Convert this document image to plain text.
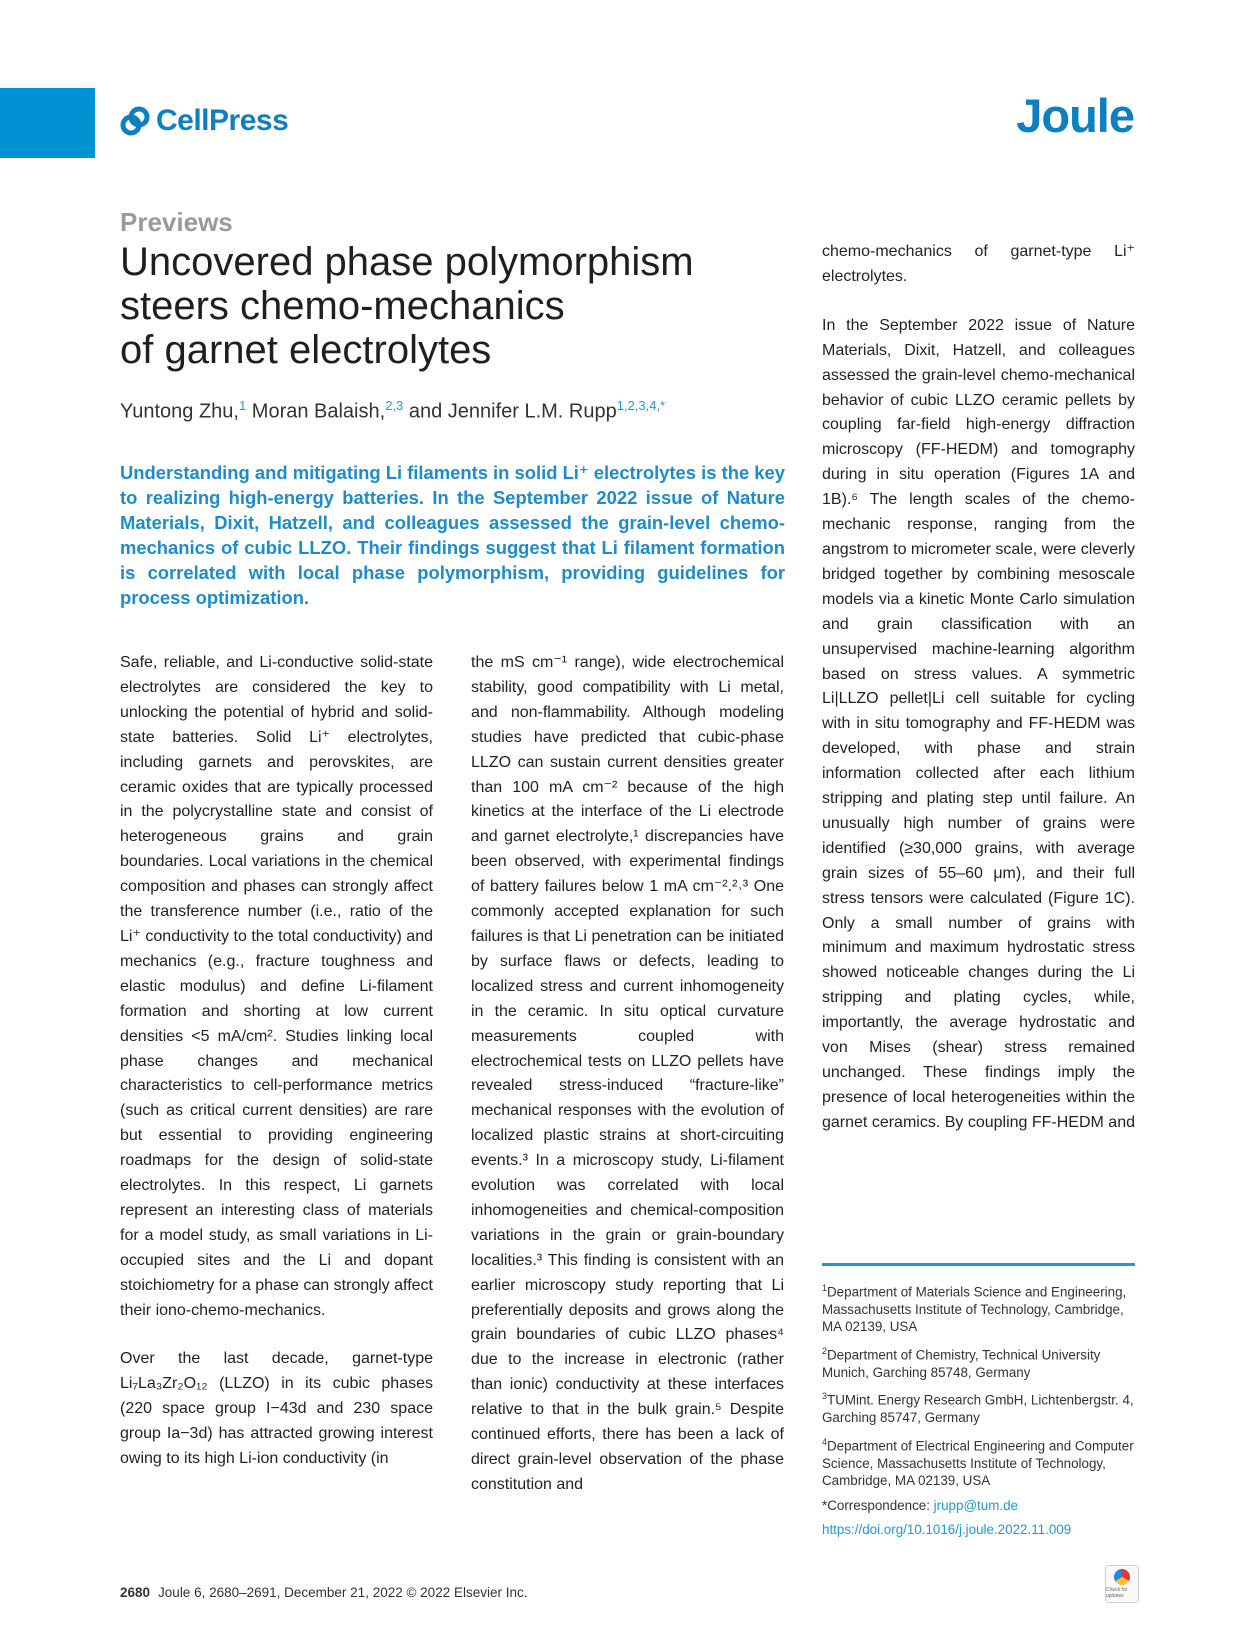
CellPress	Joule
Previews
Uncovered phase polymorphism
steers chemo-mechanics
of garnet electrolytes
Yuntong Zhu,$^1$ Moran Balaish,$^{2,3}$ and Jennifer L.M. Rupp$^{1,2,3,4,*}$
Understanding and mitigating Li filaments in solid Li⁺ electrolytes is the key to realizing high-energy batteries. In the September 2022 issue of Nature Materials, Dixit, Hatzell, and colleagues assessed the grain-level chemo-mechanics of cubic LLZO. Their findings suggest that Li filament formation is correlated with local phase polymorphism, providing guidelines for process optimization.

Safe, reliable, and Li-conductive solid-state electrolytes are considered the key to unlocking the potential of hybrid and solid-state batteries. Solid Li⁺ electrolytes, including garnets and perovskites, are ceramic oxides that are typically processed in the polycrystalline state and consist of heterogeneous grains and grain boundaries. Local variations in the chemical composition and phases can strongly affect the transference number (i.e., ratio of the Li⁺ conductivity to the total conductivity) and mechanics (e.g., fracture toughness and elastic modulus) and define Li-filament formation and shorting at low current densities <5 mA/cm². Studies linking local phase changes and mechanical characteristics to cell-performance metrics (such as critical current densities) are rare but essential to providing engineering roadmaps for the design of solid-state electrolytes. In this respect, Li garnets represent an interesting class of materials for a model study, as small variations in Li-occupied sites and the Li and dopant stoichiometry for a phase can strongly affect their iono-chemo-mechanics.

Over the last decade, garnet-type Li₇La₃Zr₂O₁₂ (LLZO) in its cubic phases (220 space group I−43d and 230 space group Ia−3d) has attracted growing interest owing to its high Li-ion conductivity (in

the mS cm⁻¹ range), wide electrochemical stability, good compatibility with Li metal, and non-flammability. Although modeling studies have predicted that cubic-phase LLZO can sustain current densities greater than 100 mA cm⁻² because of the high kinetics at the interface of the Li electrode and garnet electrolyte,¹ discrepancies have been observed, with experimental findings of battery failures below 1 mA cm⁻².²˒³ One commonly accepted explanation for such failures is that Li penetration can be initiated by surface flaws or defects, leading to localized stress and current inhomogeneity in the ceramic. In situ optical curvature measurements coupled with electrochemical tests on LLZO pellets have revealed stress-induced “fracture-like” mechanical responses with the evolution of localized plastic strains at short-circuiting events.³ In a microscopy study, Li-filament evolution was correlated with local inhomogeneities and chemical-composition variations in the grain or grain-boundary localities.³ This finding is consistent with an earlier microscopy study reporting that Li preferentially deposits and grows along the grain boundaries of cubic LLZO phases⁴ due to the increase in electronic (rather than ionic) conductivity at these interfaces relative to that in the bulk grain.⁵ Despite continued efforts, there has been a lack of direct grain-level observation of the phase constitution and

chemo-mechanics of garnet-type Li⁺ electrolytes.

In the September 2022 issue of Nature Materials, Dixit, Hatzell, and colleagues assessed the grain-level chemo-mechanical behavior of cubic LLZO ceramic pellets by coupling far-field high-energy diffraction microscopy (FF-HEDM) and tomography during in situ operation (Figures 1A and 1B).⁶ The length scales of the chemo-mechanic response, ranging from the angstrom to micrometer scale, were cleverly bridged together by combining mesoscale models via a kinetic Monte Carlo simulation and grain classification with an unsupervised machine-learning algorithm based on stress values. A symmetric Li|LLZO pellet|Li cell suitable for cycling with in situ tomography and FF-HEDM was developed, with phase and strain information collected after each lithium stripping and plating step until failure. An unusually high number of grains were identified (≥30,000 grains, with average grain sizes of 55–60 μm), and their full stress tensors were calculated (Figure 1C). Only a small number of grains with minimum and maximum hydrostatic stress showed noticeable changes during the Li stripping and plating cycles, while, importantly, the average hydrostatic and von Mises (shear) stress remained unchanged. These findings imply the presence of local heterogeneities within the garnet ceramics. By coupling FF-HEDM and

$^1$Department of Materials Science and Engineering, Massachusetts Institute of Technology, Cambridge, MA 02139, USA
$^2$Department of Chemistry, Technical University Munich, Garching 85748, Germany
$^3$TUMint. Energy Research GmbH, Lichtenbergstr. 4, Garching 85747, Germany
$^4$Department of Electrical Engineering and Computer Science, Massachusetts Institute of Technology, Cambridge, MA 02139, USA
*Correspondence: jrupp@tum.de
https://doi.org/10.1016/j.joule.2022.11.009
2680 Joule 6, 2680–2691, December 21, 2022 © 2022 Elsevier Inc.	Check for updates
